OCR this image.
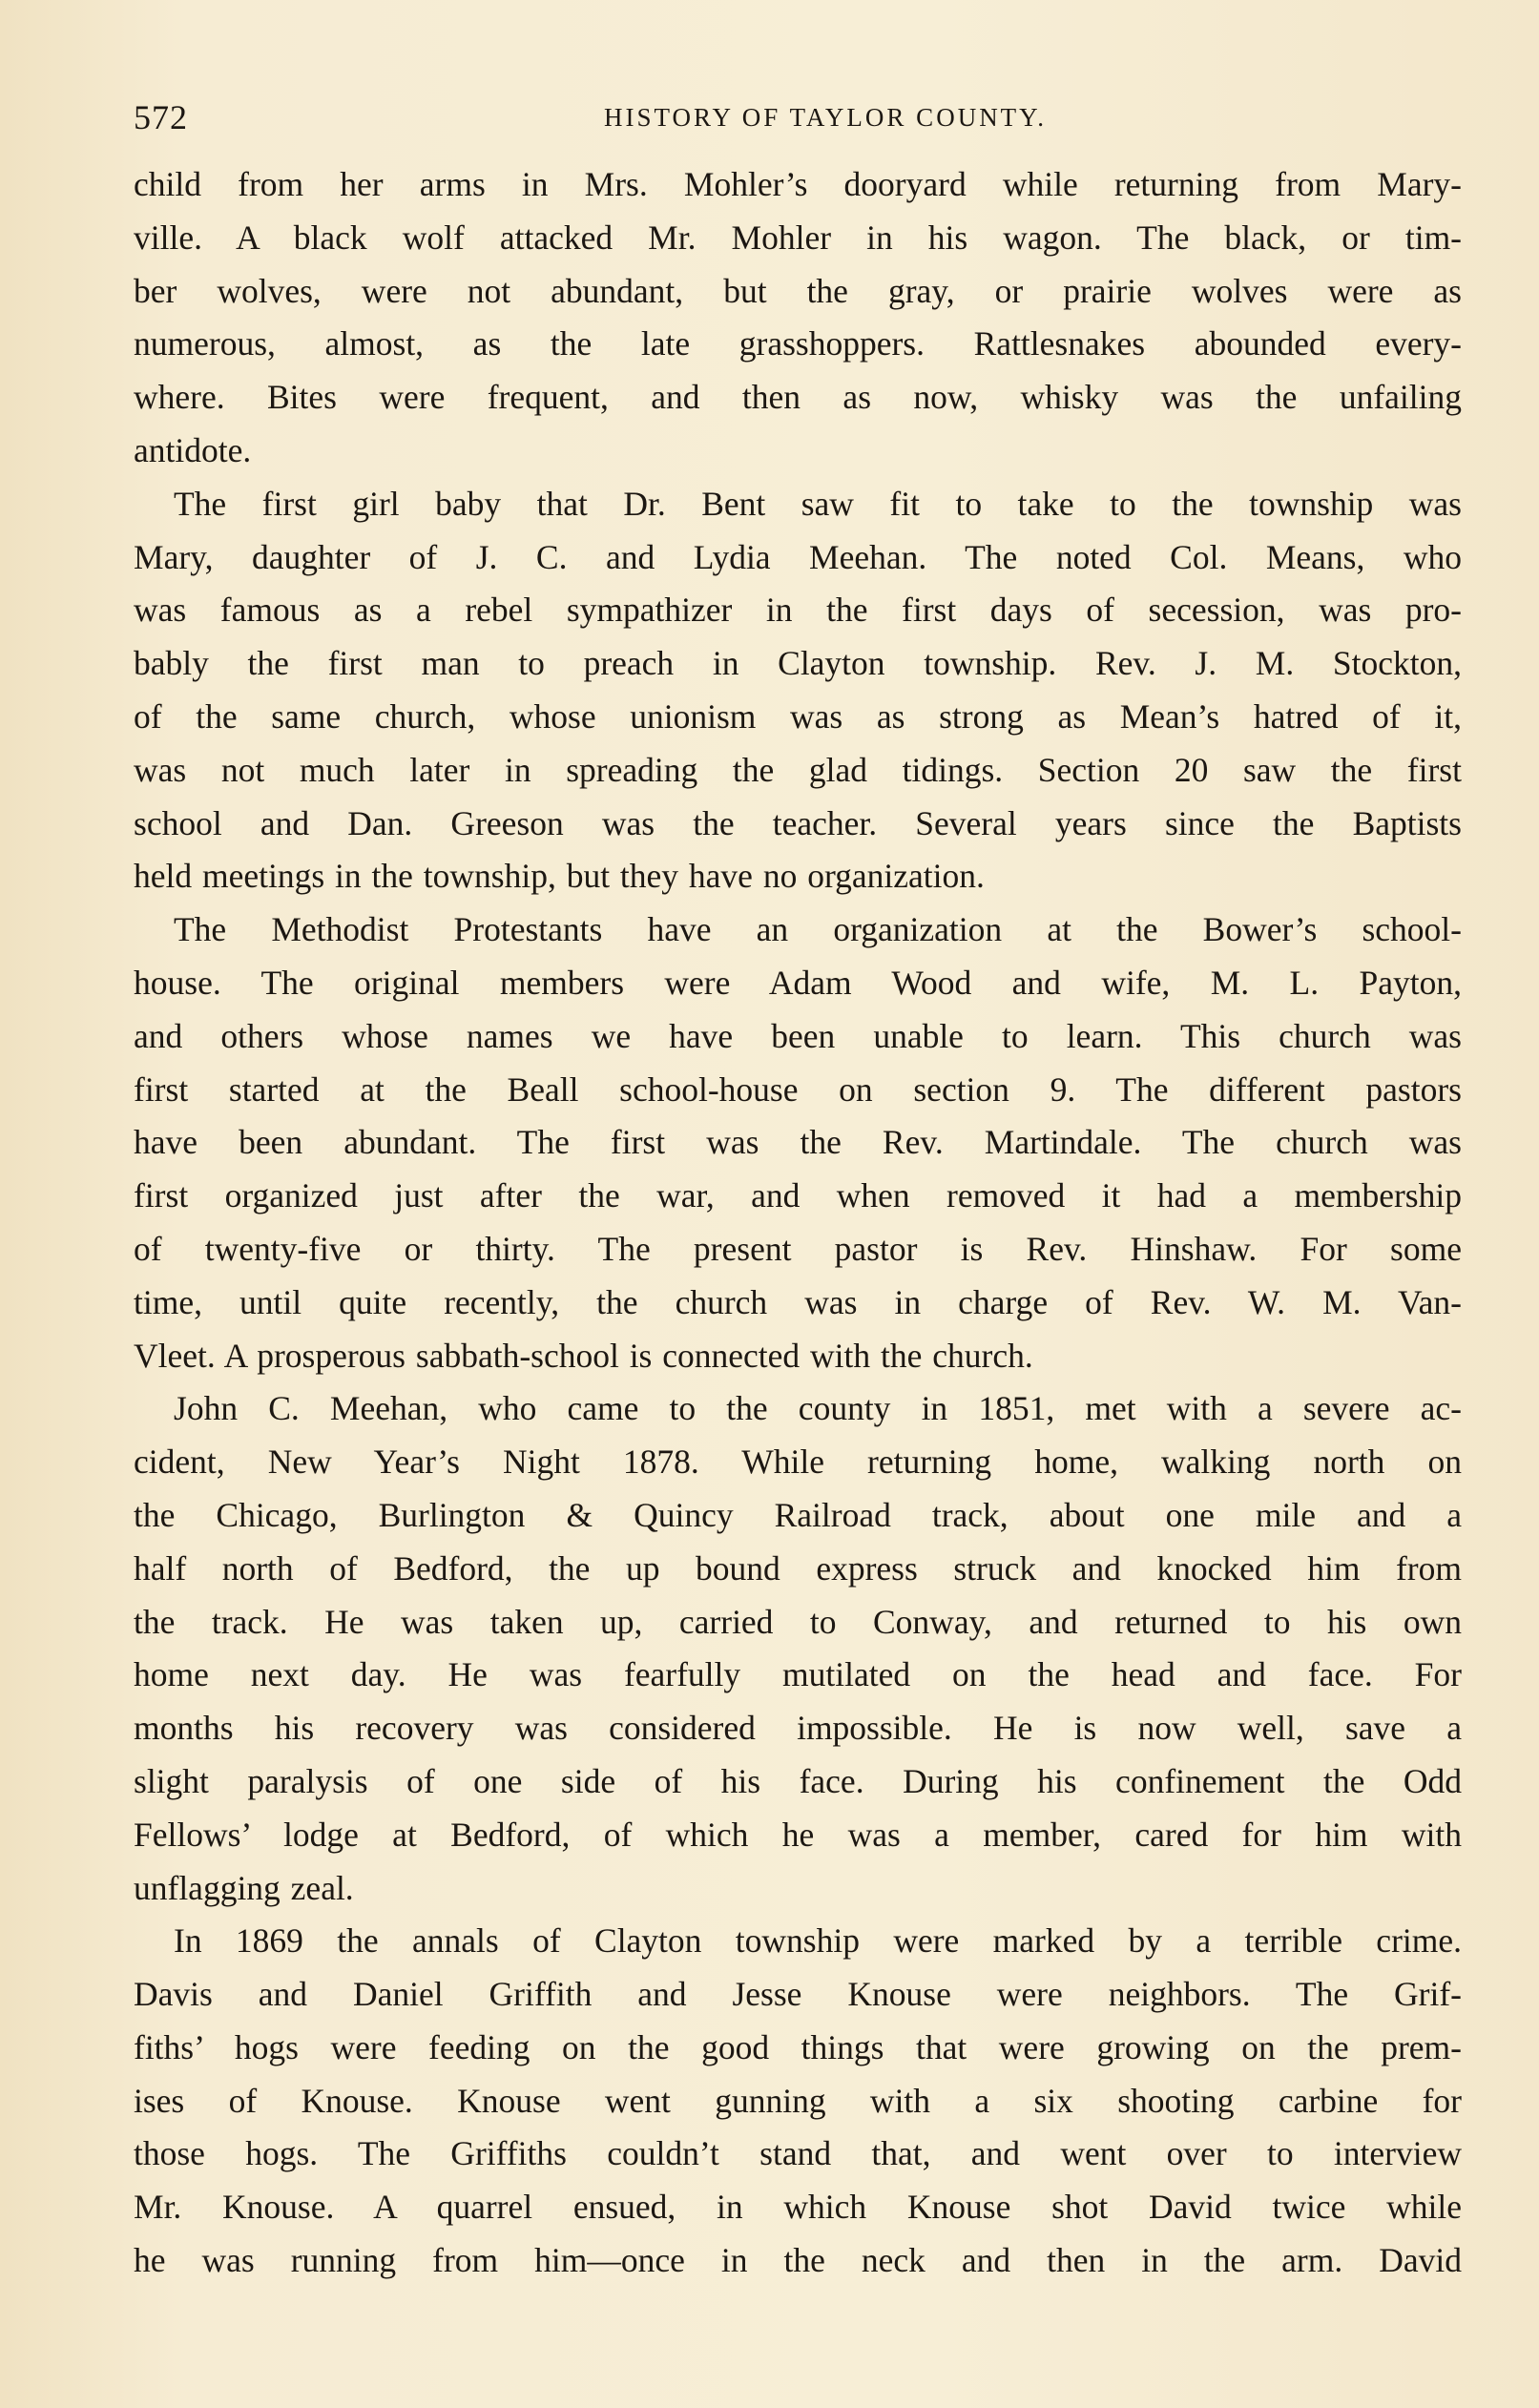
572	HISTORY OF TAYLOR COUNTY.
child from her arms in Mrs. Mohler’s dooryard while returning from Mary-
ville. A black wolf attacked Mr. Mohler in his wagon. The black, or tim-
ber wolves, were not abundant, but the gray, or prairie wolves were as
numerous, almost, as the late grasshoppers. Rattlesnakes abounded every-
where. Bites were frequent, and then as now, whisky was the unfailing
antidote.
The first girl baby that Dr. Bent saw fit to take to the township was
Mary, daughter of J. C. and Lydia Meehan. The noted Col. Means, who
was famous as a rebel sympathizer in the first days of secession, was pro-
bably the first man to preach in Clayton township. Rev. J. M. Stockton,
of the same church, whose unionism was as strong as Mean’s hatred of it,
was not much later in spreading the glad tidings. Section 20 saw the first
school and Dan. Greeson was the teacher. Several years since the Baptists
held meetings in the township, but they have no organization.
The Methodist Protestants have an organization at the Bower’s school-
house. The original members were Adam Wood and wife, M. L. Payton,
and others whose names we have been unable to learn. This church was
first started at the Beall school-house on section 9. The different pastors
have been abundant. The first was the Rev. Martindale. The church was
first organized just after the war, and when removed it had a membership
of twenty-five or thirty. The present pastor is Rev. Hinshaw. For some
time, until quite recently, the church was in charge of Rev. W. M. Van-
Vleet. A prosperous sabbath-school is connected with the church.
John C. Meehan, who came to the county in 1851, met with a severe ac-
cident, New Year’s Night 1878. While returning home, walking north on
the Chicago, Burlington & Quincy Railroad track, about one mile and a
half north of Bedford, the up bound express struck and knocked him from
the track. He was taken up, carried to Conway, and returned to his own
home next day. He was fearfully mutilated on the head and face. For
months his recovery was considered impossible. He is now well, save a
slight paralysis of one side of his face. During his confinement the Odd
Fellows’ lodge at Bedford, of which he was a member, cared for him with
unflagging zeal.
In 1869 the annals of Clayton township were marked by a terrible crime.
Davis and Daniel Griffith and Jesse Knouse were neighbors. The Grif-
fiths’ hogs were feeding on the good things that were growing on the prem-
ises of Knouse. Knouse went gunning with a six shooting carbine for
those hogs. The Griffiths couldn’t stand that, and went over to interview
Mr. Knouse. A quarrel ensued, in which Knouse shot David twice while
he was running from him—once in the neck and then in the arm. David
